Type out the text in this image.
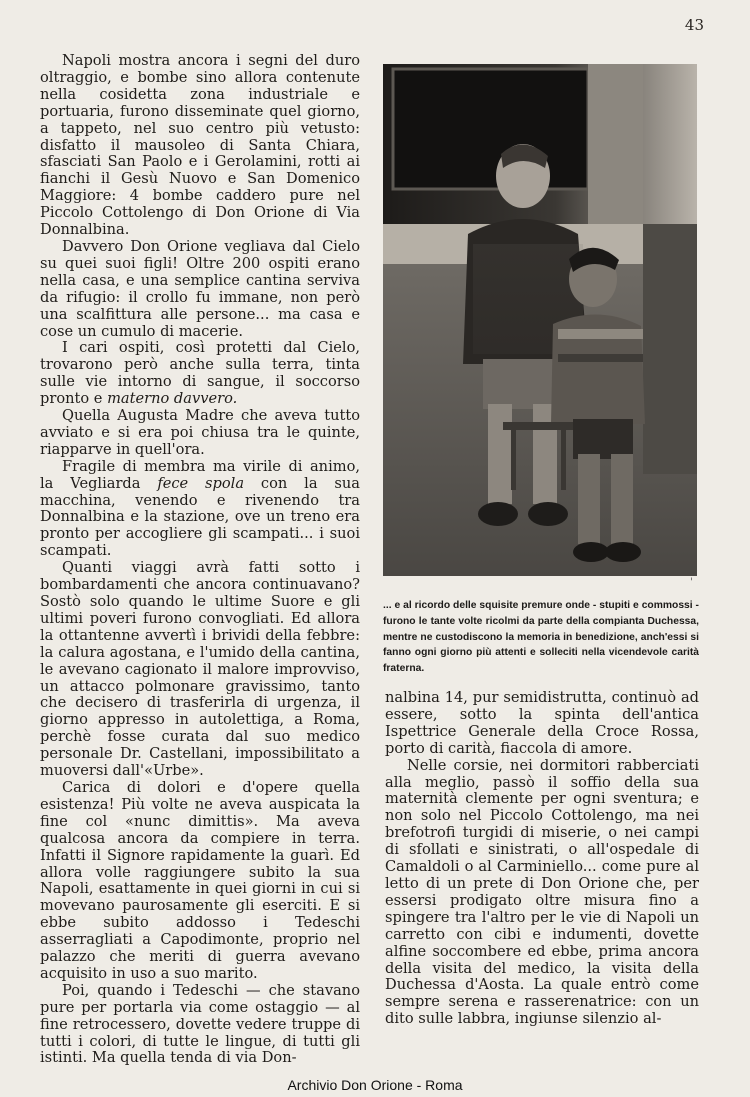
43

Napoli mostra ancora i segni del duro oltraggio, e bombe sino allora contenute nella cosidetta zona industriale e portuaria, furono disseminate quel giorno, a tappeto, nel suo centro più vetusto: disfatto il mausoleo di Santa Chiara, sfasciati San Paolo e i Gerolamini, rotti ai fianchi il Gesù Nuovo e San Domenico Maggiore: 4 bombe caddero pure nel Piccolo Cottolengo di Don Orione di Via Donnalbina.

Davvero Don Orione vegliava dal Cielo su quei suoi figli! Oltre 200 ospiti erano nella casa, e una semplice cantina serviva da rifugio: il crollo fu immane, non però una scalfittura alle persone... ma casa e cose un cumulo di macerie.

I cari ospiti, così protetti dal Cielo, trovarono però anche sulla terra, tinta sulle vie intorno di sangue, il soccorso pronto e materno davvero.

Quella Augusta Madre che aveva tutto avviato e si era poi chiusa tra le quinte, riapparve in quell'ora.

Fragile di membra ma virile di animo, la Vegliarda fece spola con la sua macchina, venendo e rivenendo tra Donnalbina e la stazione, ove un treno era pronto per accogliere gli scampati... i suoi scampati.

Quanti viaggi avrà fatti sotto i bombardamenti che ancora continuavano? Sostò solo quando le ultime Suore e gli ultimi poveri furono convogliati. Ed allora la ottantenne avvertì i brividi della febbre: la calura agostana, e l'umido della cantina, le avevano cagionato il malore improvviso, un attacco polmonare gravissimo, tanto che decisero di trasferirla di urgenza, il giorno appresso in autolettiga, a Roma, perchè fosse curata dal suo medico personale Dr. Castellani, impossibilitato a muoversi dall'«Urbe».

Carica di dolori e d'opere quella esistenza! Più volte ne aveva auspicata la fine col «nunc dimittis». Ma aveva qualcosa ancora da compiere in terra. Infatti il Signore rapidamente la guarì. Ed allora volle raggiungere subito la sua Napoli, esattamente in quei giorni in cui si movevano paurosamente gli eserciti. E si ebbe subito addosso i Tedeschi asserragliati a Capodimonte, proprio nel palazzo che meriti di guerra avevano acquisito in uso a suo marito.

Poi, quando i Tedeschi — che stavano pure per portarla via come ostaggio — al fine retrocessero, dovette vedere truppe di tutti i colori, di tutte le lingue, di tutti gli istinti. Ma quella tenda di via Don-

'
... e al ricordo delle squisite premure onde - stupiti e commossi - furono le tante volte ricolmi da parte della compianta Duchessa, mentre ne custodiscono la memoria in benedizione, anch'essi si fanno ogni giorno più attenti e solleciti nella vicendevole carità fraterna.

nalbina 14, pur semidistrutta, continuò ad essere, sotto la spinta dell'antica Ispettrice Generale della Croce Rossa, porto di carità, fiaccola di amore.

Nelle corsie, nei dormitori rabberciati alla meglio, passò il soffio della sua maternità clemente per ogni sventura; e non solo nel Piccolo Cottolengo, ma nei brefotrofi turgidi di miserie, o nei campi di sfollati e sinistrati, o all'ospedale di Camaldoli o al Carminiello... come pure al letto di un prete di Don Orione che, per essersi prodigato oltre misura fino a spingere tra l'altro per le vie di Napoli un carretto con cibi e indumenti, dovette alfine soccombere ed ebbe, prima ancora della visita del medico, la visita della Duchessa d'Aosta. La quale entrò come sempre serena e rasserenatrice: con un dito sulle labbra, ingiunse silenzio al-

Archivio Don Orione - Roma
